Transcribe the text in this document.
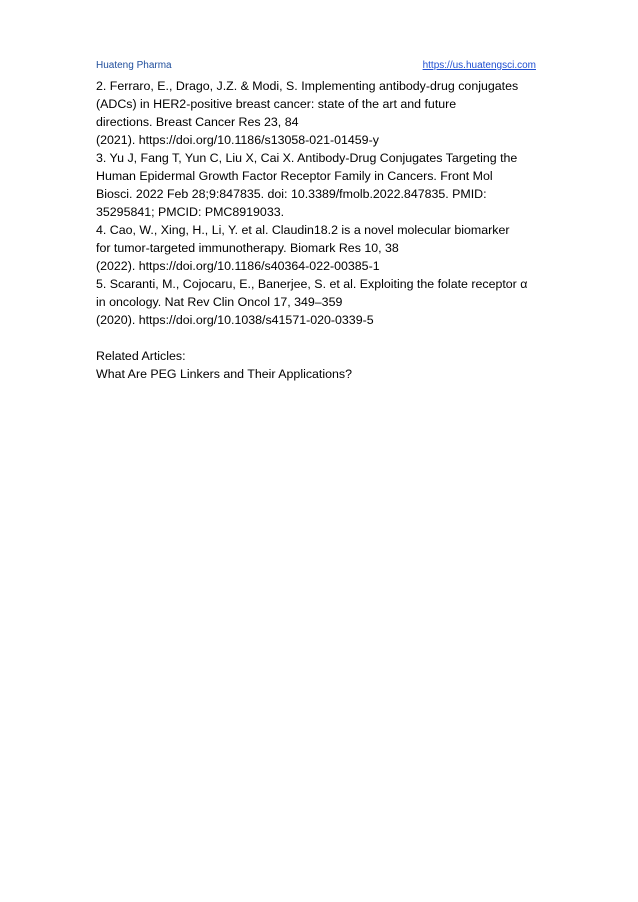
Huateng Pharma	https://us.huatengsci.com

2. Ferraro, E., Drago, J.Z. & Modi, S. Implementing antibody-drug conjugates

(ADCs) in HER2-positive breast cancer: state of the art and future

directions. Breast Cancer Res 23, 84

(2021). https://doi.org/10.1186/s13058-021-01459-y

3. Yu J, Fang T, Yun C, Liu X, Cai X. Antibody-Drug Conjugates Targeting the

Human Epidermal Growth Factor Receptor Family in Cancers. Front Mol

Biosci. 2022 Feb 28;9:847835. doi: 10.3389/fmolb.2022.847835. PMID:

35295841; PMCID: PMC8919033.

4. Cao, W., Xing, H., Li, Y. et al. Claudin18.2 is a novel molecular biomarker

for tumor-targeted immunotherapy. Biomark Res 10, 38

(2022). https://doi.org/10.1186/s40364-022-00385-1

5. Scaranti, M., Cojocaru, E., Banerjee, S. et al. Exploiting the folate receptor α

in oncology. Nat Rev Clin Oncol 17, 349–359

(2020). https://doi.org/10.1038/s41571-020-0339-5

Related Articles:

What Are PEG Linkers and Their Applications?
